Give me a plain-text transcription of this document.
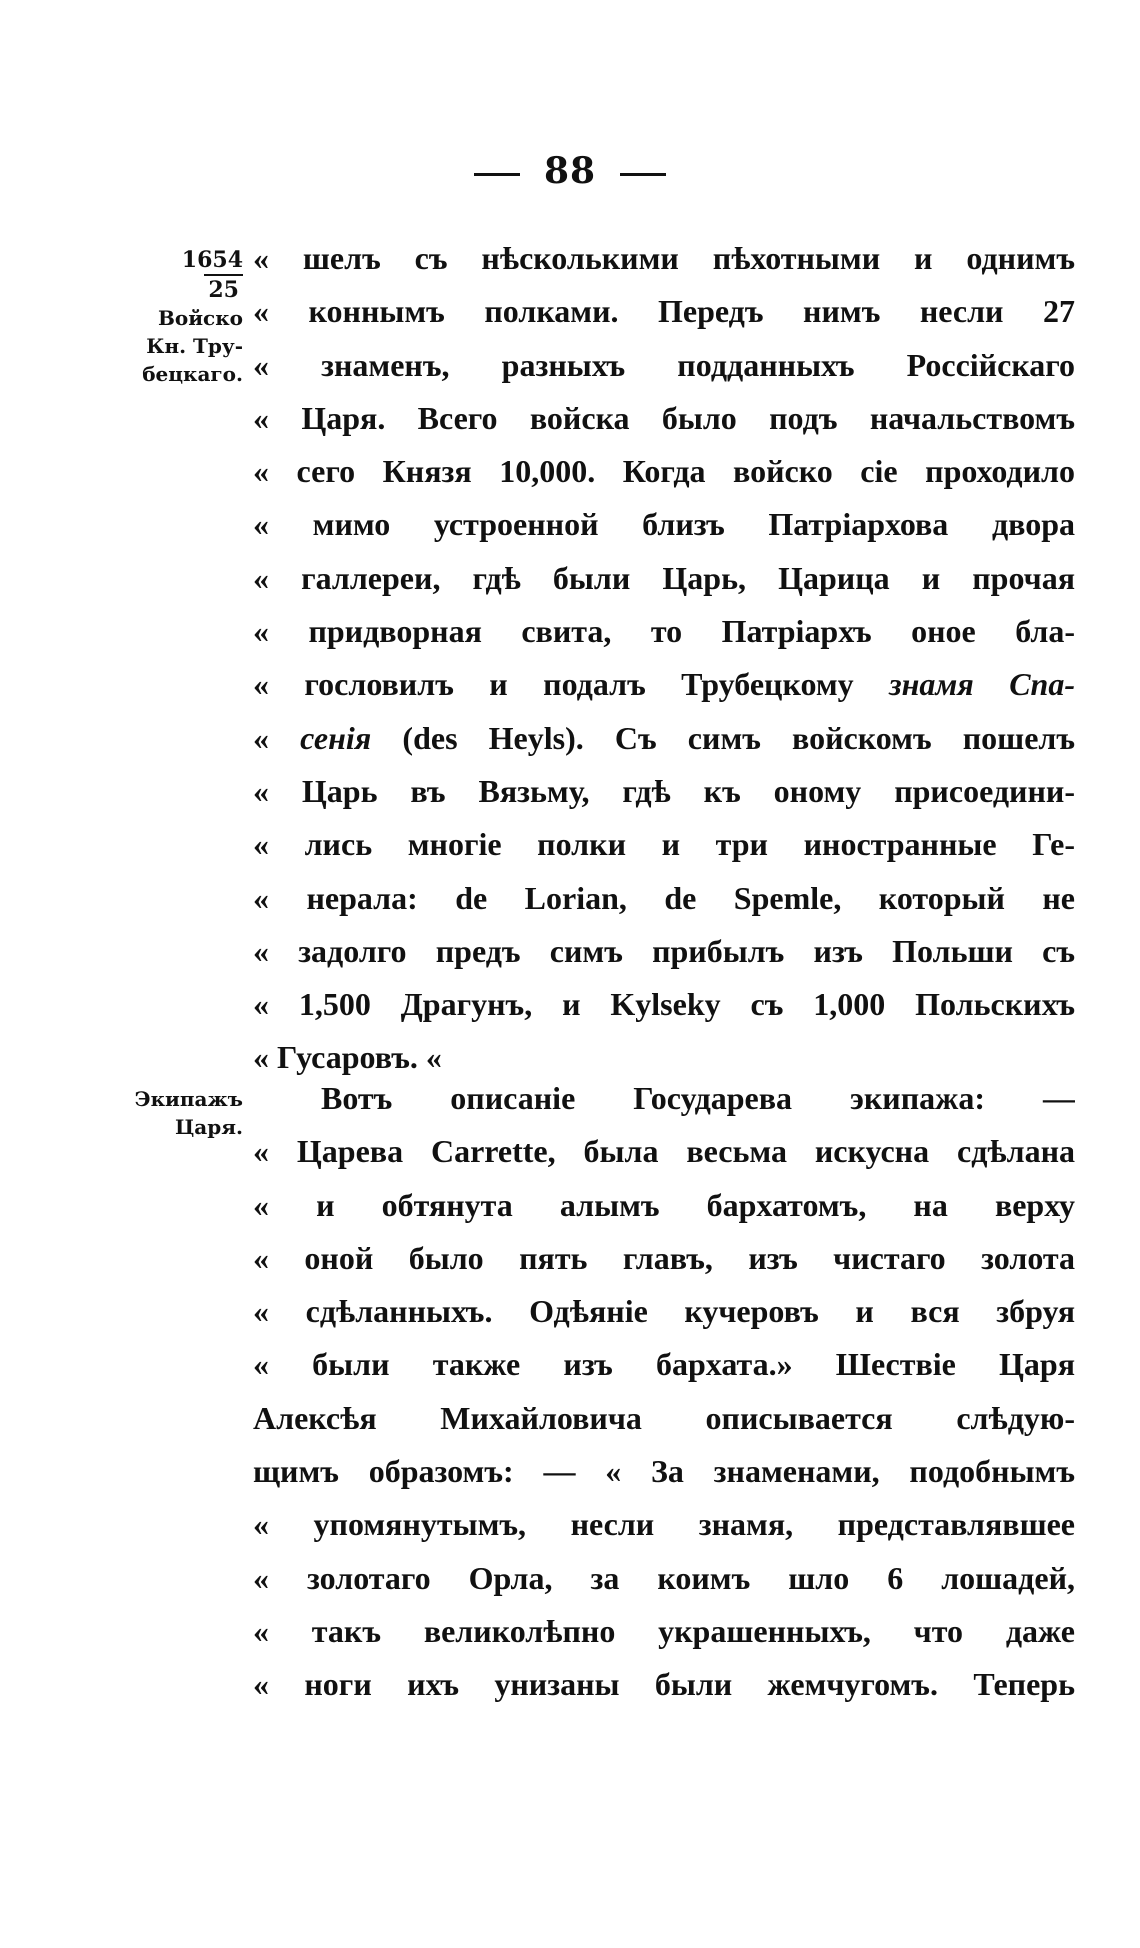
88
1654
25
Войско
Кн. Тру-
бецкаго.
Экипажъ
Царя.
« шелъ съ нѣсколькими пѣхотными и однимъ
« коннымъ полками. Передъ нимъ несли 27
« знаменъ, разныхъ подданныхъ Россійскаго
« Царя. Всего войска было подъ начальствомъ
« сего Князя 10,000. Когда войско сіе проходило
« мимо устроенной близъ Патріархова двора
« галлереи, гдѣ были Царь, Царица и прочая
« придворная свита, то Патріархъ оное бла-
« гословилъ и подалъ Трубецкому знамя Спа-
« сенія (des Heyls). Съ симъ войскомъ пошелъ
« Царь въ Вязьму, гдѣ къ оному присоедини-
« лись многіе полки и три иностранные Ге-
« нерала: de Lorian, de Spemle, который не
« задолго предъ симъ прибылъ изъ Польши съ
« 1,500 Драгунъ, и Kylseky съ 1,000 Польскихъ
« Гусаровъ. «
Вотъ описаніе Государева экипажа: —
« Царева Carrette, была весьма искусна сдѣлана
« и обтянута алымъ бархатомъ, на верху
« оной было пять главъ, изъ чистаго золота
« сдѣланныхъ. Одѣяніе кучеровъ и вся збруя
« были также изъ бархата.» Шествіе Царя
Алексѣя Михайловича описывается слѣдую-
щимъ образомъ: — « За знаменами, подобнымъ
« упомянутымъ, несли знамя, представлявшее
« золотаго Орла, за коимъ шло 6 лошадей,
« такъ великолѣпно украшенныхъ, что даже
« ноги ихъ унизаны были жемчугомъ. Теперь
